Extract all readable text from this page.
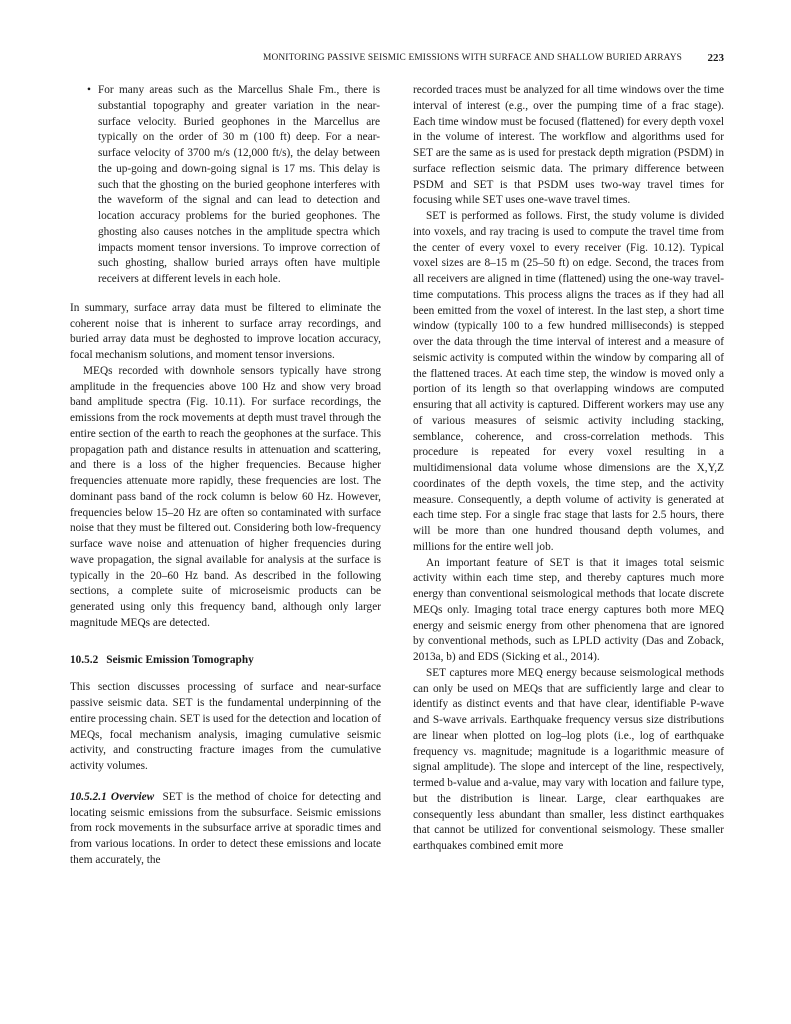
MONITORING PASSIVE SEISMIC EMISSIONS WITH SURFACE AND SHALLOW BURIED ARRAYS 223
• For many areas such as the Marcellus Shale Fm., there is substantial topography and greater variation in the near-surface velocity. Buried geophones in the Marcellus are typically on the order of 30 m (100 ft) deep. For a near-surface velocity of 3700 m/s (12,000 ft/s), the delay between the up-going and down-going signal is 17 ms. This delay is such that the ghosting on the buried geophone interferes with the waveform of the signal and can lead to detection and location accuracy problems for the buried geophones. The ghosting also causes notches in the amplitude spectra which impacts moment tensor inversions. To improve correction of such ghosting, shallow buried arrays often have multiple receivers at different levels in each hole.

In summary, surface array data must be filtered to eliminate the coherent noise that is inherent to surface array recordings, and buried array data must be deghosted to improve location accuracy, focal mechanism solutions, and moment tensor inversions.

MEQs recorded with downhole sensors typically have strong amplitude in the frequencies above 100 Hz and show very broad band amplitude spectra (Fig. 10.11). For surface recordings, the emissions from the rock movements at depth must travel through the entire section of the earth to reach the geophones at the surface. This propagation path and distance results in attenuation and scattering, and there is a loss of the higher frequencies. Because higher frequencies attenuate more rapidly, these frequencies are lost. The dominant pass band of the rock column is below 60 Hz. However, frequencies below 15–20 Hz are often so contaminated with surface noise that they must be filtered out. Considering both low-frequency surface wave noise and attenuation of higher frequencies during wave propagation, the signal available for analysis at the surface is typically in the 20–60 Hz band. As described in the following sections, a complete suite of microseismic products can be generated using only this frequency band, although only larger magnitude MEQs are detected.

10.5.2 Seismic Emission Tomography

This section discusses processing of surface and near-surface passive seismic data. SET is the fundamental underpinning of the entire processing chain. SET is used for the detection and location of MEQs, focal mechanism analysis, imaging cumulative seismic activity, and constructing fracture images from the cumulative activity volumes.

10.5.2.1 Overview SET is the method of choice for detecting and locating seismic emissions from the subsurface. Seismic emissions from rock movements in the subsurface arrive at sporadic times and from various locations. In order to detect these emissions and locate them accurately, the

recorded traces must be analyzed for all time windows over the time interval of interest (e.g., over the pumping time of a frac stage). Each time window must be focused (flattened) for every depth voxel in the volume of interest. The workflow and algorithms used for SET are the same as is used for prestack depth migration (PSDM) in surface reflection seismic data. The primary difference between PSDM and SET is that PSDM uses two-way travel times for focusing while SET uses one-wave travel times.

SET is performed as follows. First, the study volume is divided into voxels, and ray tracing is used to compute the travel time from the center of every voxel to every receiver (Fig. 10.12). Typical voxel sizes are 8–15 m (25–50 ft) on edge. Second, the traces from all receivers are aligned in time (flattened) using the one-way travel-time computations. This process aligns the traces as if they had all been emitted from the voxel of interest. In the last step, a short time window (typically 100 to a few hundred milliseconds) is stepped over the data through the time interval of interest and a measure of seismic activity is computed within the window by comparing all of the flattened traces. At each time step, the window is moved only a portion of its length so that overlapping windows are computed ensuring that all activity is captured. Different workers may use any of various measures of seismic activity including stacking, semblance, coherence, and cross-correlation methods. This procedure is repeated for every voxel resulting in a multidimensional data volume whose dimensions are the X,Y,Z coordinates of the depth voxels, the time step, and the activity measure. Consequently, a depth volume of activity is generated at each time step. For a single frac stage that lasts for 2.5 hours, there will be more than one hundred thousand depth volumes, and millions for the entire well job.

An important feature of SET is that it images total seismic activity within each time step, and thereby captures much more energy than conventional seismological methods that locate discrete MEQs only. Imaging total trace energy captures both more MEQ energy and seismic energy from other phenomena that are ignored by conventional methods, such as LPLD activity (Das and Zoback, 2013a, b) and EDS (Sicking et al., 2014).

SET captures more MEQ energy because seismological methods can only be used on MEQs that are sufficiently large and clear to identify as distinct events and that have clear, identifiable P-wave and S-wave arrivals. Earthquake frequency versus size distributions are linear when plotted on log–log plots (i.e., log of earthquake frequency vs. magnitude; magnitude is a logarithmic measure of signal amplitude). The slope and intercept of the line, respectively, termed b-value and a-value, may vary with location and failure type, but the distribution is linear. Large, clear earthquakes are consequently less abundant than smaller, less distinct earthquakes that cannot be utilized for conventional seismology. These smaller earthquakes combined emit more
